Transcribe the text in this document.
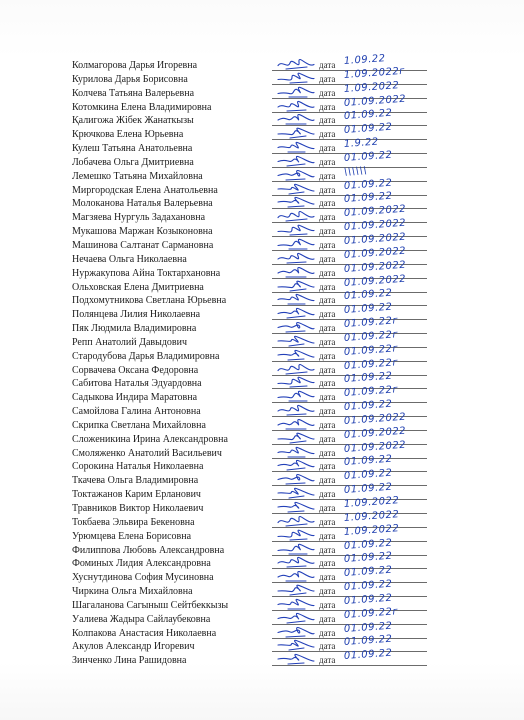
Колмагорова Дарья Игоревна
Курилова Дарья Борисовна
Колчева Татьяна Валерьевна
Котомкина Елена Владимировна
Қалигожа Жібек Жанаткызы
Крючкова Елена Юрьевна
Кулеш Татьяна Анатольевна
Лобачева Ольга Дмитриевна
Лемешко Татьяна Михайловна
Миргородская Елена Анатольевна
Молоканова Наталья Валерьевна
Магзяева Нургуль Задахановна
Мукашова Маржан Козыконовна
Машинова Салтанат Сармановна
Нечаева Ольга Николаевна
Нуржакупова Айна Токтархановна
Ольховская Елена Дмитриевна
Подхомутникова Светлана Юрьевна
Полянцева Лилия Николаевна
Пяк Людмила Владимировна
Репп Анатолий Давыдович
Стародубова Дарья Владимировна
Сорвачева Оксана Федоровна
Сабитова Наталья Эдуардовна
Садыкова Индира Маратовна
Самойлова Галина Антоновна
Скрипка Светлана Михайловна
Сложеникина Ирина Александровна
Смоляженко Анатолий Васильевич
Сорокина Наталья Николаевна
Ткачева Ольга Владимировна
Токтажанов Карим Ерланович
Травников Виктор Николаевич
Токбаева Эльвира Бекеновна
Урюмцева Елена Борисовна
Филиппова Любовь Александровна
Фоминых Лидия Александровна
Хуснутдинова София Мусиновна
Чиркина Ольга Михайловна
Шагаланова Сагыныш Сейтбеккызы
Уалиева Жадыра Сайлаубековна
Колпакова Анастасия Николаевна
Акулов Александр Игоревич
Зинченко Лина Рашидовна
дата 1.09.22
дата 1.09.2022г
дата 1.09.2022
дата 01.09.2022
дата 01.09.22
дата 01.09.22
дата 1.9.22
дата 01.09.22
дата \\\\\\
дата 01.09.22
дата 01.09.22
дата 01.09.2022
дата 01.09.2022
дата 01.09.2022
дата 01.09.2022
дата 01.09.2022
дата 01.09.2022
дата 01.09.22
дата 01.09.22
дата 01.09.22г
дата 01.09.22г
дата 01.09.22г
дата 01.09.22г
дата 01.09.22
дата 01.09.22г
дата 01.09.22
дата 01.09.2022
дата 01.09.2022
дата 01.09.2022
дата 01.09.22
дата 01.09.22
дата 01.09.22
дата 1.09.2022
дата 1.09.2022
дата 1.09.2022
дата 01.09.22
дата 01.09.22
дата 01.09.22
дата 01.09.22
дата 01.09.22
дата 01.09.22г
дата 01.09.22
дата 01.09.22
дата 01.09.22
